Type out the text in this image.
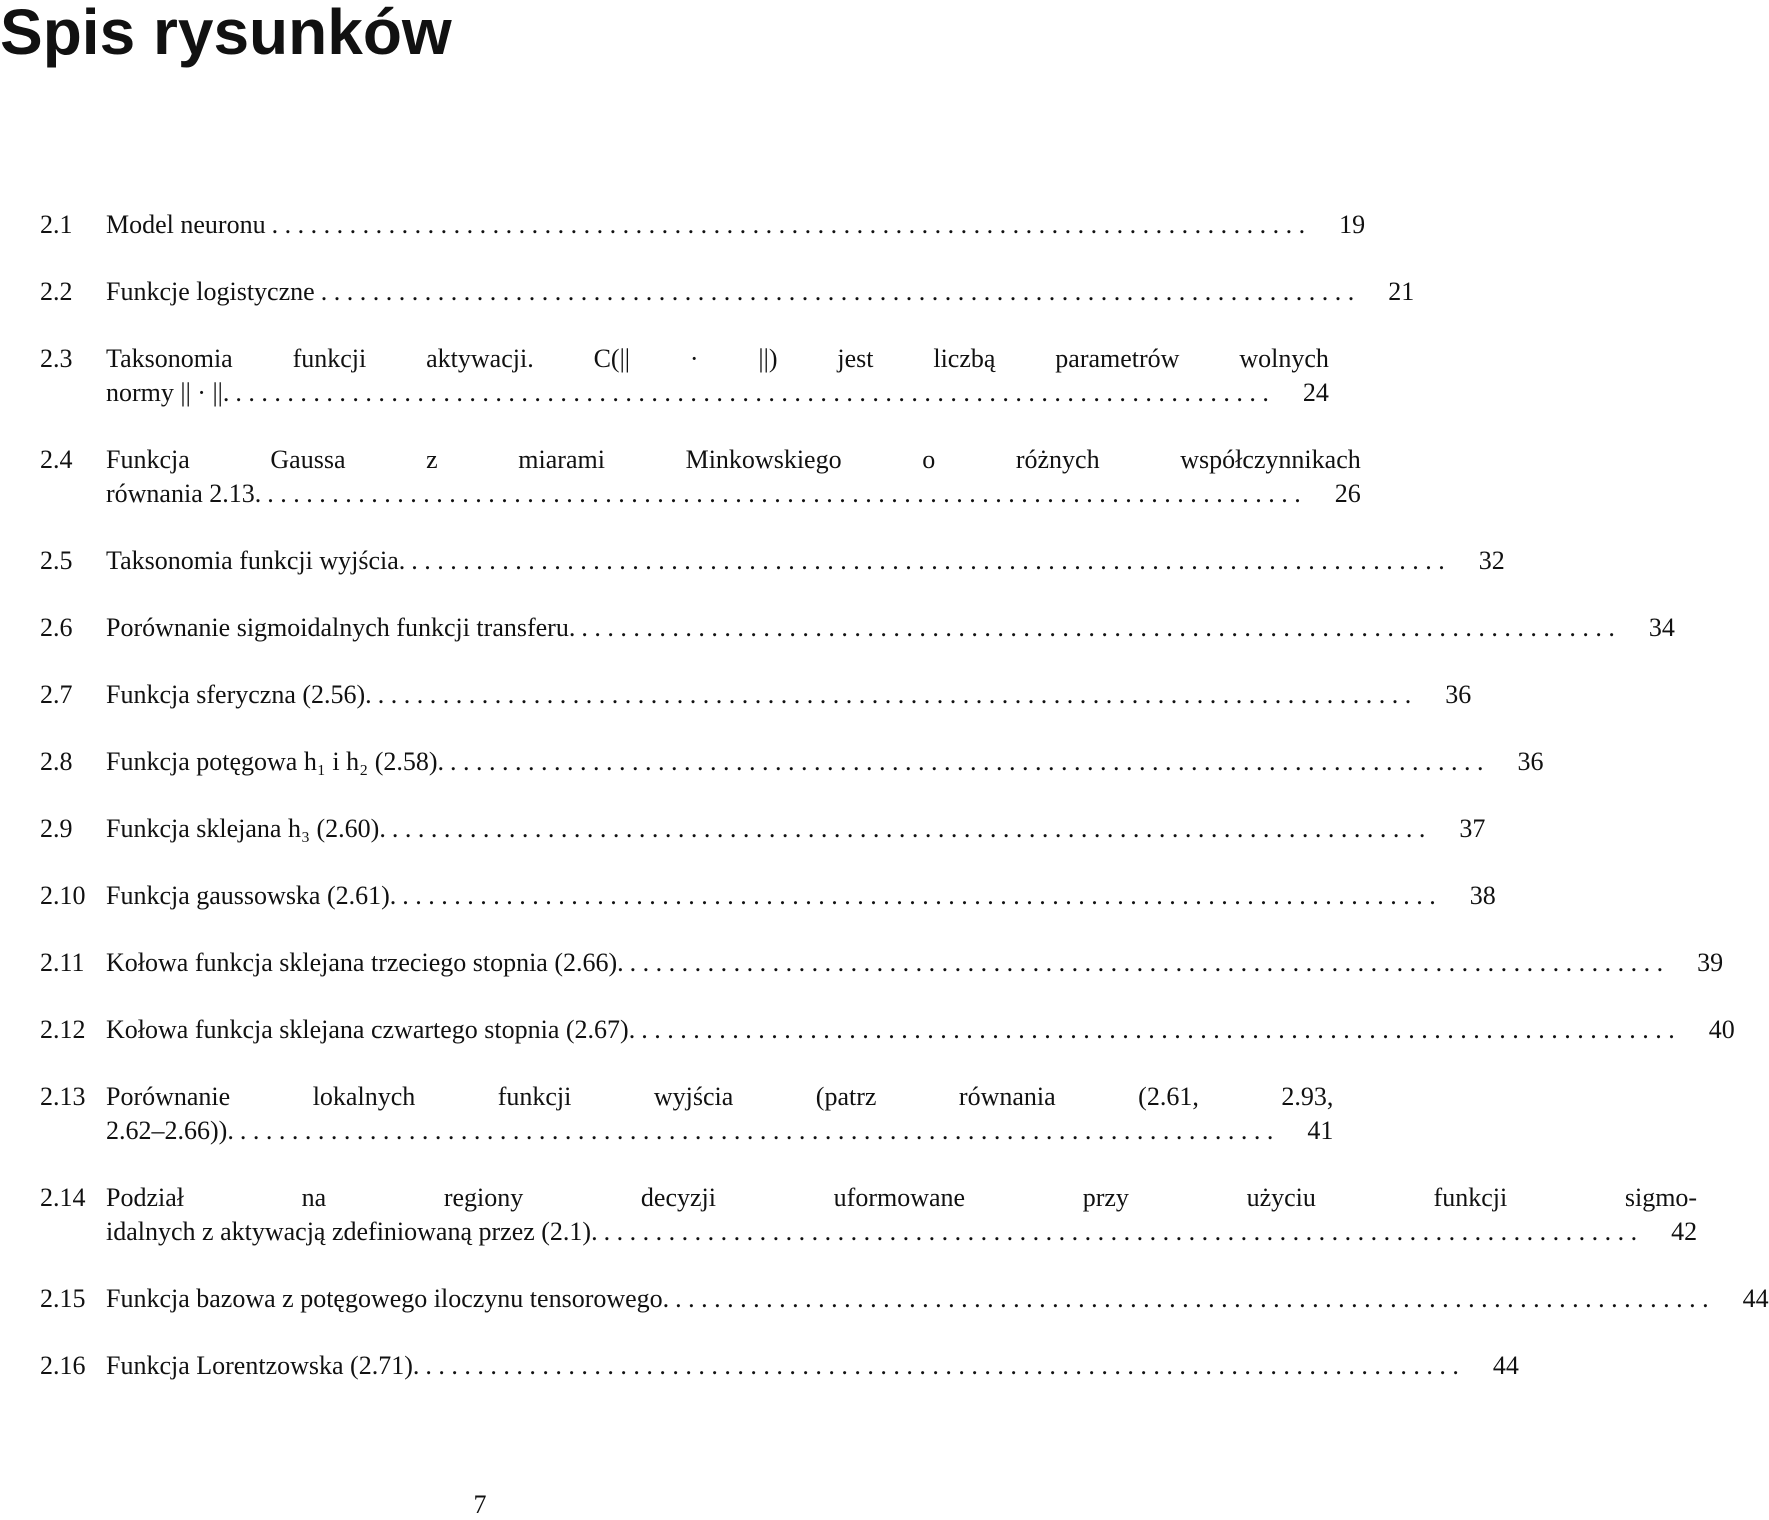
Spis rysunków
2.1	Model neuronu . . . . . . . . . . . . . . . . . . . . . . . . . . . . . . . . . . . . . . . . . . . . . . . . . . . . . . . . . . . . . . . . . . . . . . . . . . . . . . . .	19
2.2	Funkcje logistyczne . . . . . . . . . . . . . . . . . . . . . . . . . . . . . . . . . . . . . . . . . . . . . . . . . . . . . . . . . . . . . . . . . . . . . . . . . . . . . . . .	21
2.3	Taksonomia funkcji aktywacji. C(|| · ||) jest liczbą parametrów wolnych
normy || · ||. . . . . . . . . . . . . . . . . . . . . . . . . . . . . . . . . . . . . . . . . . . . . . . . . . . . . . . . . . . . . . . . . . . . . . . . . . . . . . . . .	24
2.4	Funkcja Gaussa z miarami Minkowskiego o różnych współczynnikach
równania 2.13. . . . . . . . . . . . . . . . . . . . . . . . . . . . . . . . . . . . . . . . . . . . . . . . . . . . . . . . . . . . . . . . . . . . . . . . . . . . . . . . .	26
2.5	Taksonomia funkcji wyjścia. . . . . . . . . . . . . . . . . . . . . . . . . . . . . . . . . . . . . . . . . . . . . . . . . . . . . . . . . . . . . . . . . . . . . . . . . . . . . . . . .	32
2.6	Porównanie sigmoidalnych funkcji transferu. . . . . . . . . . . . . . . . . . . . . . . . . . . . . . . . . . . . . . . . . . . . . . . . . . . . . . . . . . . . . . . . . . . . . . . . . . . . . . . . .	34
2.7	Funkcja sferyczna (2.56). . . . . . . . . . . . . . . . . . . . . . . . . . . . . . . . . . . . . . . . . . . . . . . . . . . . . . . . . . . . . . . . . . . . . . . . . . . . . . . . .	36
2.8	Funkcja potęgowa h₁ i h₂ (2.58). . . . . . . . . . . . . . . . . . . . . . . . . . . . . . . . . . . . . . . . . . . . . . . . . . . . . . . . . . . . . . . . . . . . . . . . . . . . . . . . .	36
2.9	Funkcja sklejana h₃ (2.60). . . . . . . . . . . . . . . . . . . . . . . . . . . . . . . . . . . . . . . . . . . . . . . . . . . . . . . . . . . . . . . . . . . . . . . . . . . . . . . . .	37
2.10 Funkcja gaussowska (2.61). . . . . . . . . . . . . . . . . . . . . . . . . . . . . . . . . . . . . . . . . . . . . . . . . . . . . . . . . . . . . . . . . . . . . . . . . . . . . . . . .	38
2.11 Kołowa funkcja sklejana trzeciego stopnia (2.66). . . . . . . . . . . . . . . . . . . . . . . . . . . . . . . . . . . . . . . . . . . . . . . . . . . . . . . . . . . . . . . . . . . . . . . . . . . . . . . . .	39
2.12 Kołowa funkcja sklejana czwartego stopnia (2.67). . . . . . . . . . . . . . . . . . . . . . . . . . . . . . . . . . . . . . . . . . . . . . . . . . . . . . . . . . . . . . . . . . . . . . . . . . . . . . . . .	40
2.13 Porównanie lokalnych funkcji wyjścia (patrz równania (2.61, 2.93,
2.62–2.66)). . . . . . . . . . . . . . . . . . . . . . . . . . . . . . . . . . . . . . . . . . . . . . . . . . . . . . . . . . . . . . . . . . . . . . . . . . . . . . . . .	41
2.14 Podział na regiony decyzji uformowane przy użyciu funkcji sigmo-
idalnych z aktywacją zdefiniowaną przez (2.1). . . . . . . . . . . . . . . . . . . . . . . . . . . . . . . . . . . . . . . . . . . . . . . . . . . . . . . . . . . . . . . . . . . . . . . . . . . . . . . . .	42
2.15 Funkcja bazowa z potęgowego iloczynu tensorowego. . . . . . . . . . . . . . . . . . . . . . . . . . . . . . . . . . . . . . . . . . . . . . . . . . . . . . . . . . . . . . . . . . . . . . . . . . . . . . . . .	44
2.16 Funkcja Lorentzowska (2.71). . . . . . . . . . . . . . . . . . . . . . . . . . . . . . . . . . . . . . . . . . . . . . . . . . . . . . . . . . . . . . . . . . . . . . . . . . . . . . . . .	44
7
